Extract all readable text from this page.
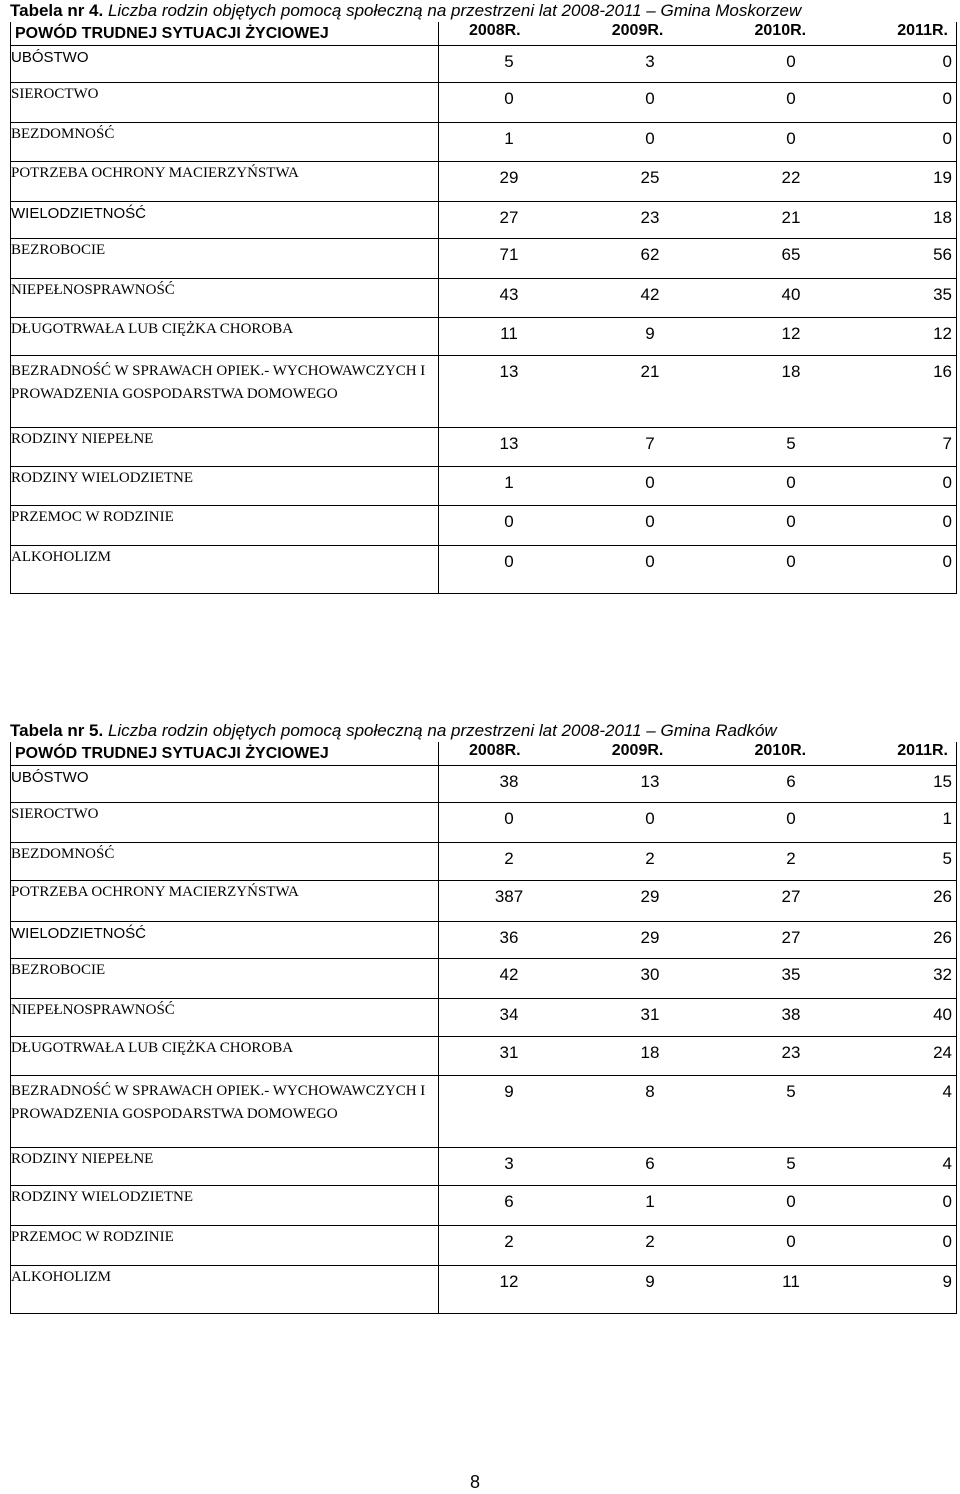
Tabela nr 4. Liczba rodzin objętych pomocą społeczną na przestrzeni lat 2008-2011 – Gmina Moskorzew
POWÓD TRUDNEJ SYTUACJI ŻYCIOWEJ	2008R. 2009R. 2010R. 2011R.

UBÓSTWO	5 3 0 0

SIEROCTWO	0 0 0 0

BEZDOMNOŚĆ	1 0 0 0

POTRZEBA OCHRONY MACIERZYŃSTWA	29 25 22 19

WIELODZIETNOŚĆ	27 23 21 18

BEZROBOCIE	71 62 65 56

NIEPEŁNOSPRAWNOŚĆ	43 42 40 35

DŁUGOTRWAŁA LUB CIĘŻKA CHOROBA	11 9 12 12

BEZRADNOŚĆ W SPRAWACH OPIEK.- WYCHOWAWCZYCH I PROWADZENIA GOSPODARSTWA DOMOWEGO	13 21 18 16

RODZINY NIEPEŁNE	13 7 5 7

RODZINY WIELODZIETNE	1 0 0 0

PRZEMOC W RODZINIE	0 0 0 0

ALKOHOLIZM	0 0 0 0
Tabela nr 5. Liczba rodzin objętych pomocą społeczną na przestrzeni lat 2008-2011 – Gmina Radków
POWÓD TRUDNEJ SYTUACJI ŻYCIOWEJ	2008R. 2009R. 2010R. 2011R.

UBÓSTWO	38 13 6 15

SIEROCTWO	0 0 0 1

BEZDOMNOŚĆ	2 2 2 5

POTRZEBA OCHRONY MACIERZYŃSTWA	387 29 27 26

WIELODZIETNOŚĆ	36 29 27 26

BEZROBOCIE	42 30 35 32

NIEPEŁNOSPRAWNOŚĆ	34 31 38 40

DŁUGOTRWAŁA LUB CIĘŻKA CHOROBA	31 18 23 24

BEZRADNOŚĆ W SPRAWACH OPIEK.- WYCHOWAWCZYCH I PROWADZENIA GOSPODARSTWA DOMOWEGO	9 8 5 4

RODZINY NIEPEŁNE	3 6 5 4

RODZINY WIELODZIETNE	6 1 0 0

PRZEMOC W RODZINIE	2 2 0 0

ALKOHOLIZM	12 9 11 9
8
